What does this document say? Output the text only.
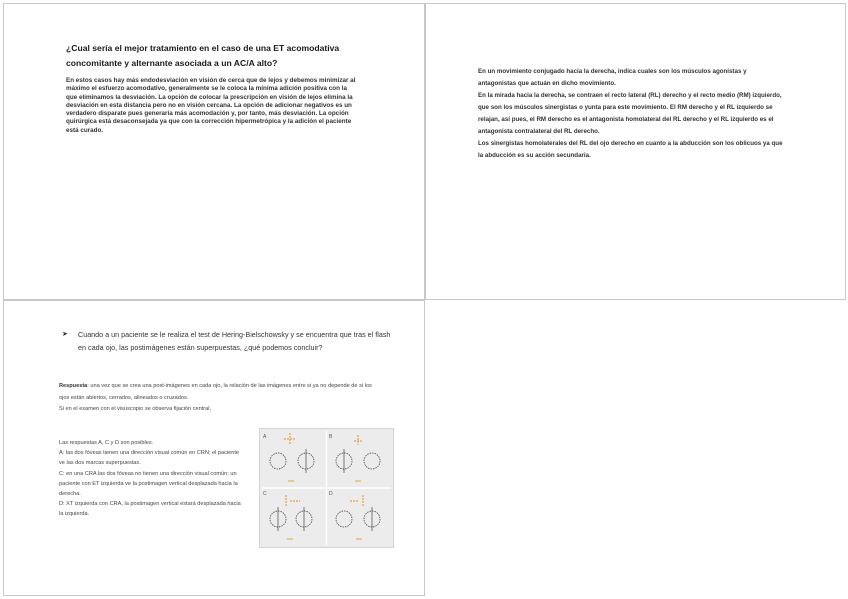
¿Cual sería el mejor tratamiento en el caso de una ET acomodativa concomitante y alternante asociada a un AC/A alto?
En estos casos hay más endodesviación en visión de cerca que de lejos y debemos minimizar al máximo el esfuerzo acomodativo, generalmente se le coloca la mínima adición positiva con la que eliminamos la desviación. La opción de colocar la prescripción en visión de lejos elimina la desviación en esta distancia pero no en visión cercana. La opción de adicionar negativos es un verdadero disparate pues generaría más acomodación y, por tanto, más desviación. La opción quirúrgica está desaconsejada ya que con la corrección hipermetrópica y la adición el paciente está curado.

En un movimiento conjugado hacia la derecha, indica cuales son los músculos agonistas y antagonistas que actuán en dicho movimiento.

En la mirada hacia la derecha, se contraen el recto lateral (RL) derecho y el recto medio (RM) izquierdo, que son los músculos sinergistas o yunta para este movimiento. El RM derecho y el RL izquierdo se relajan, así pues, el RM derecho es el antagonista homolateral del RL derecho y el RL izquierdo es el antagonista contralateral del RL derecho.

Los sinergistas homolaterales del RL del ojo derecho en cuanto a la abducción son los oblicuos ya que la abducción es su acción secundaria.

➤ Cuando a un paciente se le realiza el test de Hering-Bielschowsky y se encuentra que tras el flash en cada ojo, las postimágenes están superpuestas, ¿qué podemos concluir?

Respuesta: una vez que se crea una post-imágenes en cada ojo, la relación de las imágenes entre si ya no depende de si los ojos están abiertos, cerrados, alineados o cruzados.

Si en el examen con el visuscopio se observa fijación central,

Las respuestas A, C y D son posibles.

A: las dos fóveas tienen una dirección visual común en CRN; el paciente ve las dos marcas superpuestas.

C: en una CRA las dos fóveas no tienen una dirección visual común; un paciente con ET izquierda ve la postimagen vertical desplazada hacia la derecha.

D: XT izquierda con CRA, la postimagen vertical estará desplazada hacia la izquierda.

A	B
C	D
